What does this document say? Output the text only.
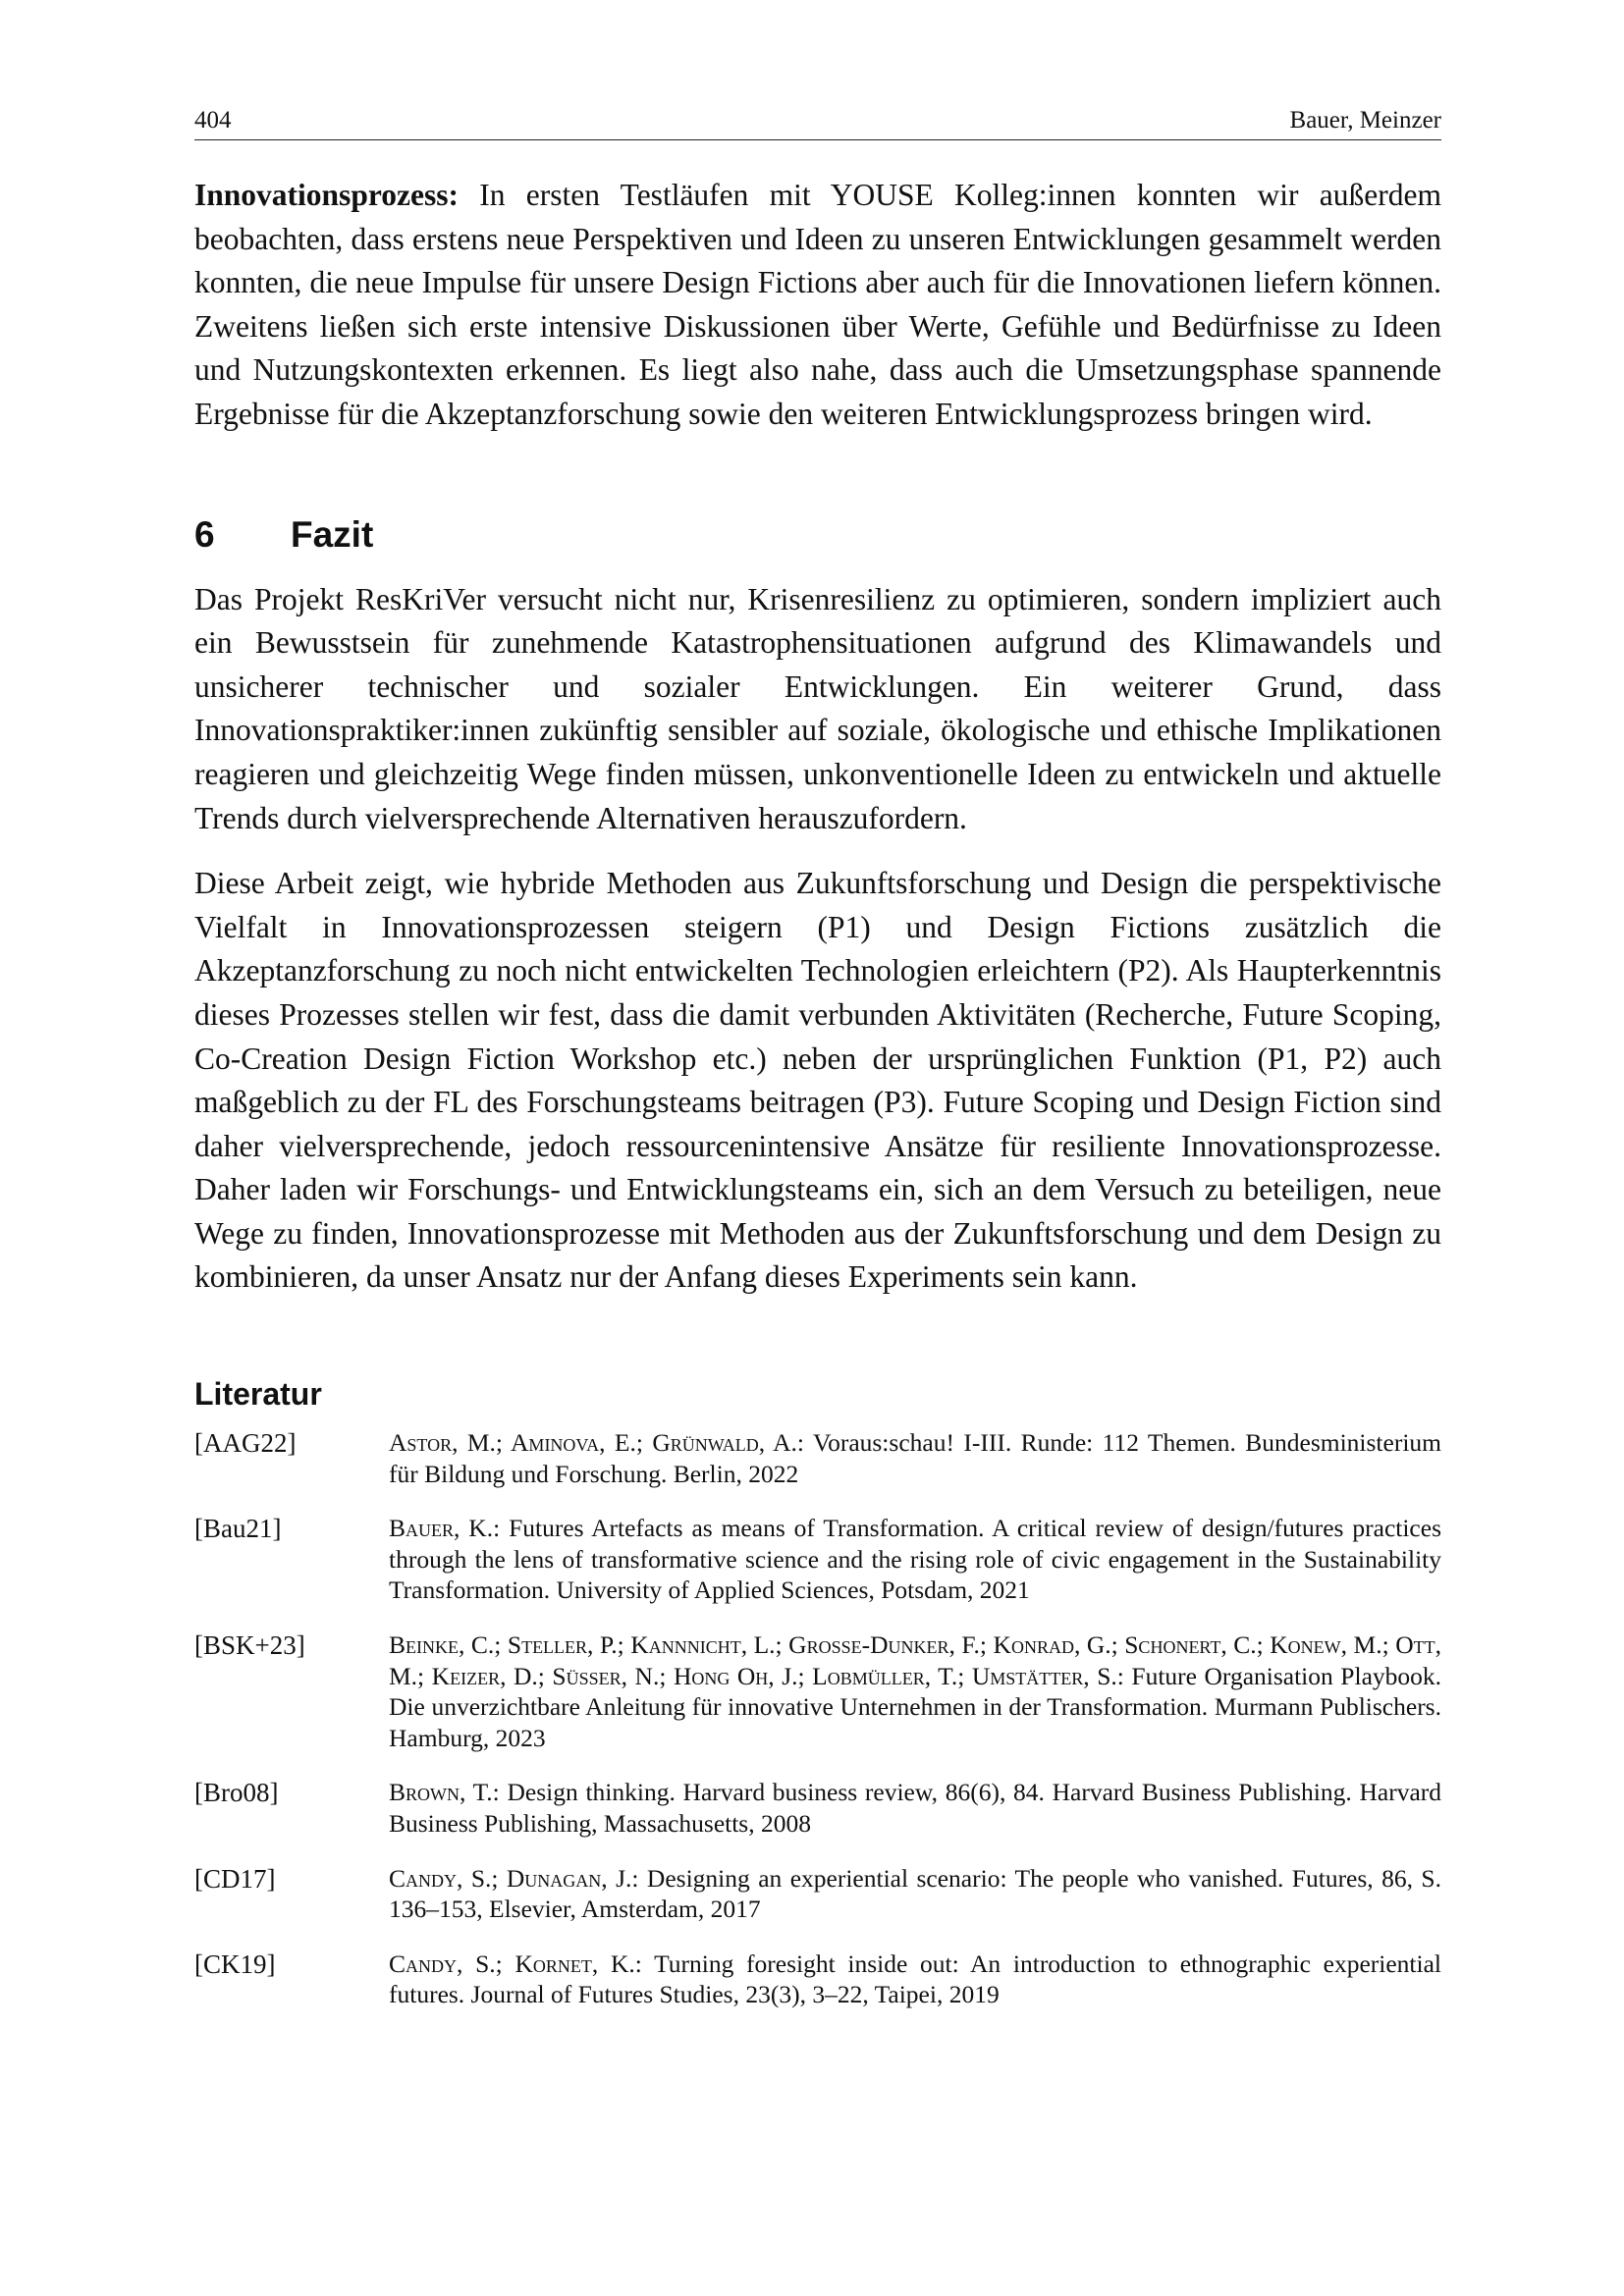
404	Bauer, Meinzer

Innovationsprozess: In ersten Testläufen mit YOUSE Kolleg:innen konnten wir außerdem beobachten, dass erstens neue Perspektiven und Ideen zu unseren Entwicklungen gesammelt werden konnten, die neue Impulse für unsere Design Fictions aber auch für die Innovationen liefern können. Zweitens ließen sich erste intensive Diskussionen über Werte, Gefühle und Bedürfnisse zu Ideen und Nutzungskontexten erkennen. Es liegt also nahe, dass auch die Umsetzungsphase spannende Ergebnisse für die Akzeptanzforschung sowie den weiteren Entwicklungsprozess bringen wird.

6	Fazit

Das Projekt ResKriVer versucht nicht nur, Krisenresilienz zu optimieren, sondern impliziert auch ein Bewusstsein für zunehmende Katastrophensituationen aufgrund des Klimawandels und unsicherer technischer und sozialer Entwicklungen. Ein weiterer Grund, dass Innovationspraktiker:innen zukünftig sensibler auf soziale, ökologische und ethische Implikationen reagieren und gleichzeitig Wege finden müssen, unkonventionelle Ideen zu entwickeln und aktuelle Trends durch vielversprechende Alternativen herauszufordern.

Diese Arbeit zeigt, wie hybride Methoden aus Zukunftsforschung und Design die perspektivische Vielfalt in Innovationsprozessen steigern (P1) und Design Fictions zusätzlich die Akzeptanzforschung zu noch nicht entwickelten Technologien erleichtern (P2). Als Haupterkenntnis dieses Prozesses stellen wir fest, dass die damit verbunden Aktivitäten (Recherche, Future Scoping, Co-Creation Design Fiction Workshop etc.) neben der ursprünglichen Funktion (P1, P2) auch maßgeblich zu der FL des Forschungsteams beitragen (P3). Future Scoping und Design Fiction sind daher vielversprechende, jedoch ressourcenintensive Ansätze für resiliente Innovationsprozesse. Daher laden wir Forschungs- und Entwicklungsteams ein, sich an dem Versuch zu beteiligen, neue Wege zu finden, Innovationsprozesse mit Methoden aus der Zukunftsforschung und dem Design zu kombinieren, da unser Ansatz nur der Anfang dieses Experiments sein kann.

Literatur
[AAG22]	Astor, M.; Aminova, E.; Grünwald, A.: Voraus:schau! I-III. Runde: 112 Themen. Bundesministerium für Bildung und Forschung. Berlin, 2022
[Bau21]	Bauer, K.: Futures Artefacts as means of Transformation. A critical review of design/futures practices through the lens of transformative science and the rising role of civic engagement in the Sustainability Transformation. University of Applied Sciences, Potsdam, 2021
[BSK+23]	Beinke, C.; Steller, P.; Kannnicht, L.; Große-Dunker, F.; Konrad, G.; Schonert, C.; Konew, M.; Ott, M.; Keizer, D.; Süsser, N.; Hong Oh, J.; Lobmüller, T.; Umstätter, S.: Future Organisation Playbook. Die unverzichtbare Anleitung für innovative Unternehmen in der Transformation. Murmann Publischers. Hamburg, 2023
[Bro08]	Brown, T.: Design thinking. Harvard business review, 86(6), 84. Harvard Business Publishing. Harvard Business Publishing, Massachusetts, 2008
[CD17]	Candy, S.; Dunagan, J.: Designing an experiential scenario: The people who vanished. Futures, 86, S. 136–153, Elsevier, Amsterdam, 2017
[CK19]	Candy, S.; Kornet, K.: Turning foresight inside out: An introduction to ethnographic experiential futures. Journal of Futures Studies, 23(3), 3–22, Taipei, 2019
